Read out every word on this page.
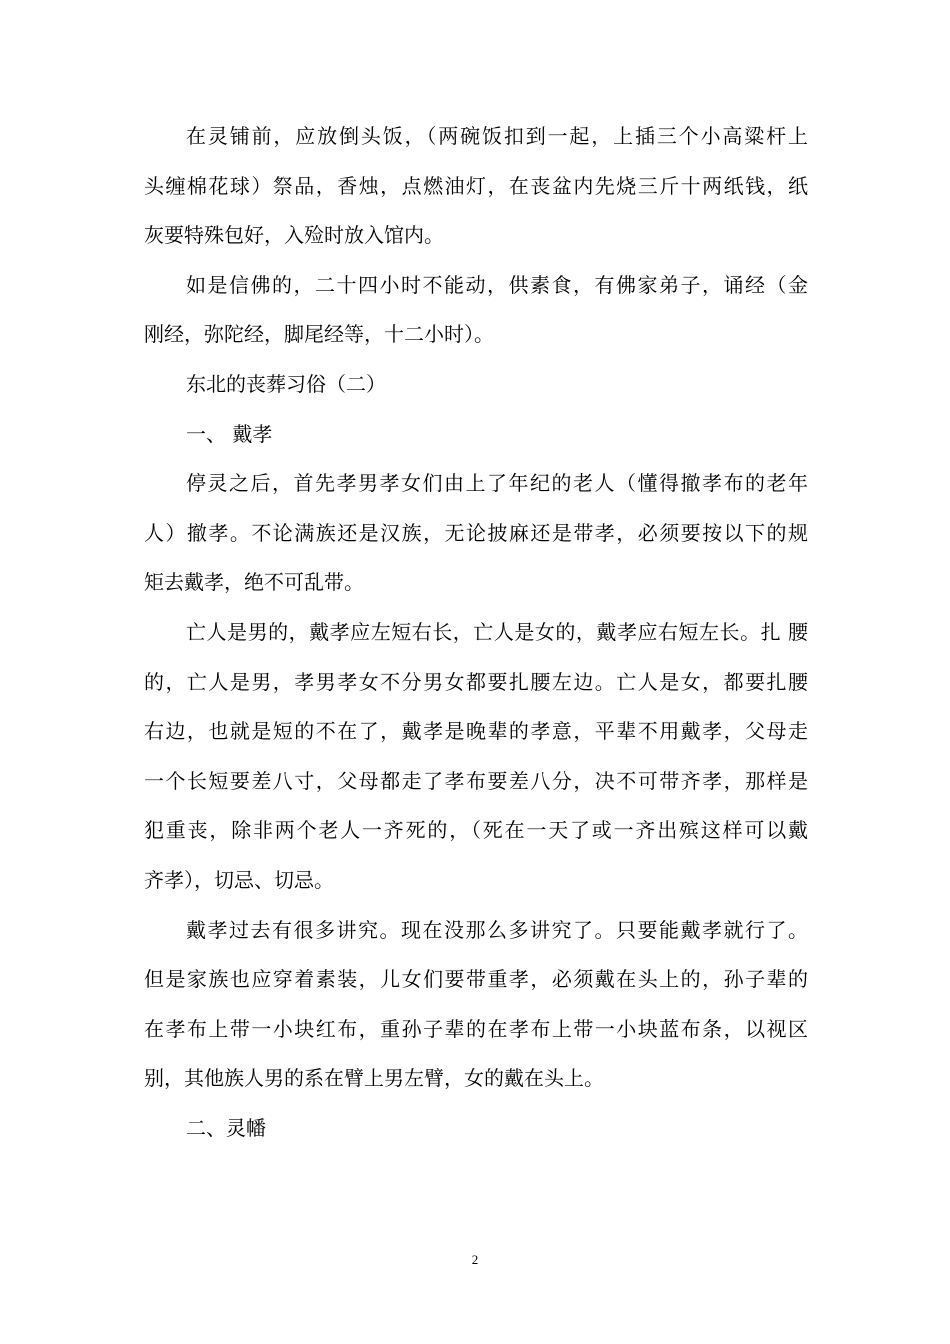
在灵铺前，应放倒头饭，（两碗饭扣到一起，上插三个小高粱杆上
头缠棉花球）祭品，香烛，点燃油灯，在丧盆内先烧三斤十两纸钱，纸
灰要特殊包好，入殓时放入馆内。
如是信佛的，二十四小时不能动，供素食，有佛家弟子，诵经（金
刚经，弥陀经，脚尾经等，十二小时）。
东北的丧葬习俗（二）
一、 戴孝
停灵之后，首先孝男孝女们由上了年纪的老人（懂得撤孝布的老年
人）撤孝。不论满族还是汉族，无论披麻还是带孝，必须要按以下的规
矩去戴孝，绝不可乱带。
亡人是男的，戴孝应左短右长，亡人是女的，戴孝应右短左长。扎 腰
的，亡人是男，孝男孝女不分男女都要扎腰左边。亡人是女，都要扎腰
右边，也就是短的不在了，戴孝是晚辈的孝意，平辈不用戴孝，父母走
一个长短要差八寸，父母都走了孝布要差八分，决不可带齐孝，那样是
犯重丧，除非两个老人一齐死的，（死在一天了或一齐出殡这样可以戴
齐孝），切忌、切忌。
戴孝过去有很多讲究。现在没那么多讲究了。只要能戴孝就行了。
但是家族也应穿着素装，儿女们要带重孝，必须戴在头上的，孙子辈的
在孝布上带一小块红布，重孙子辈的在孝布上带一小块蓝布条，以视区
别，其他族人男的系在臂上男左臂，女的戴在头上。
二、灵幡
2
